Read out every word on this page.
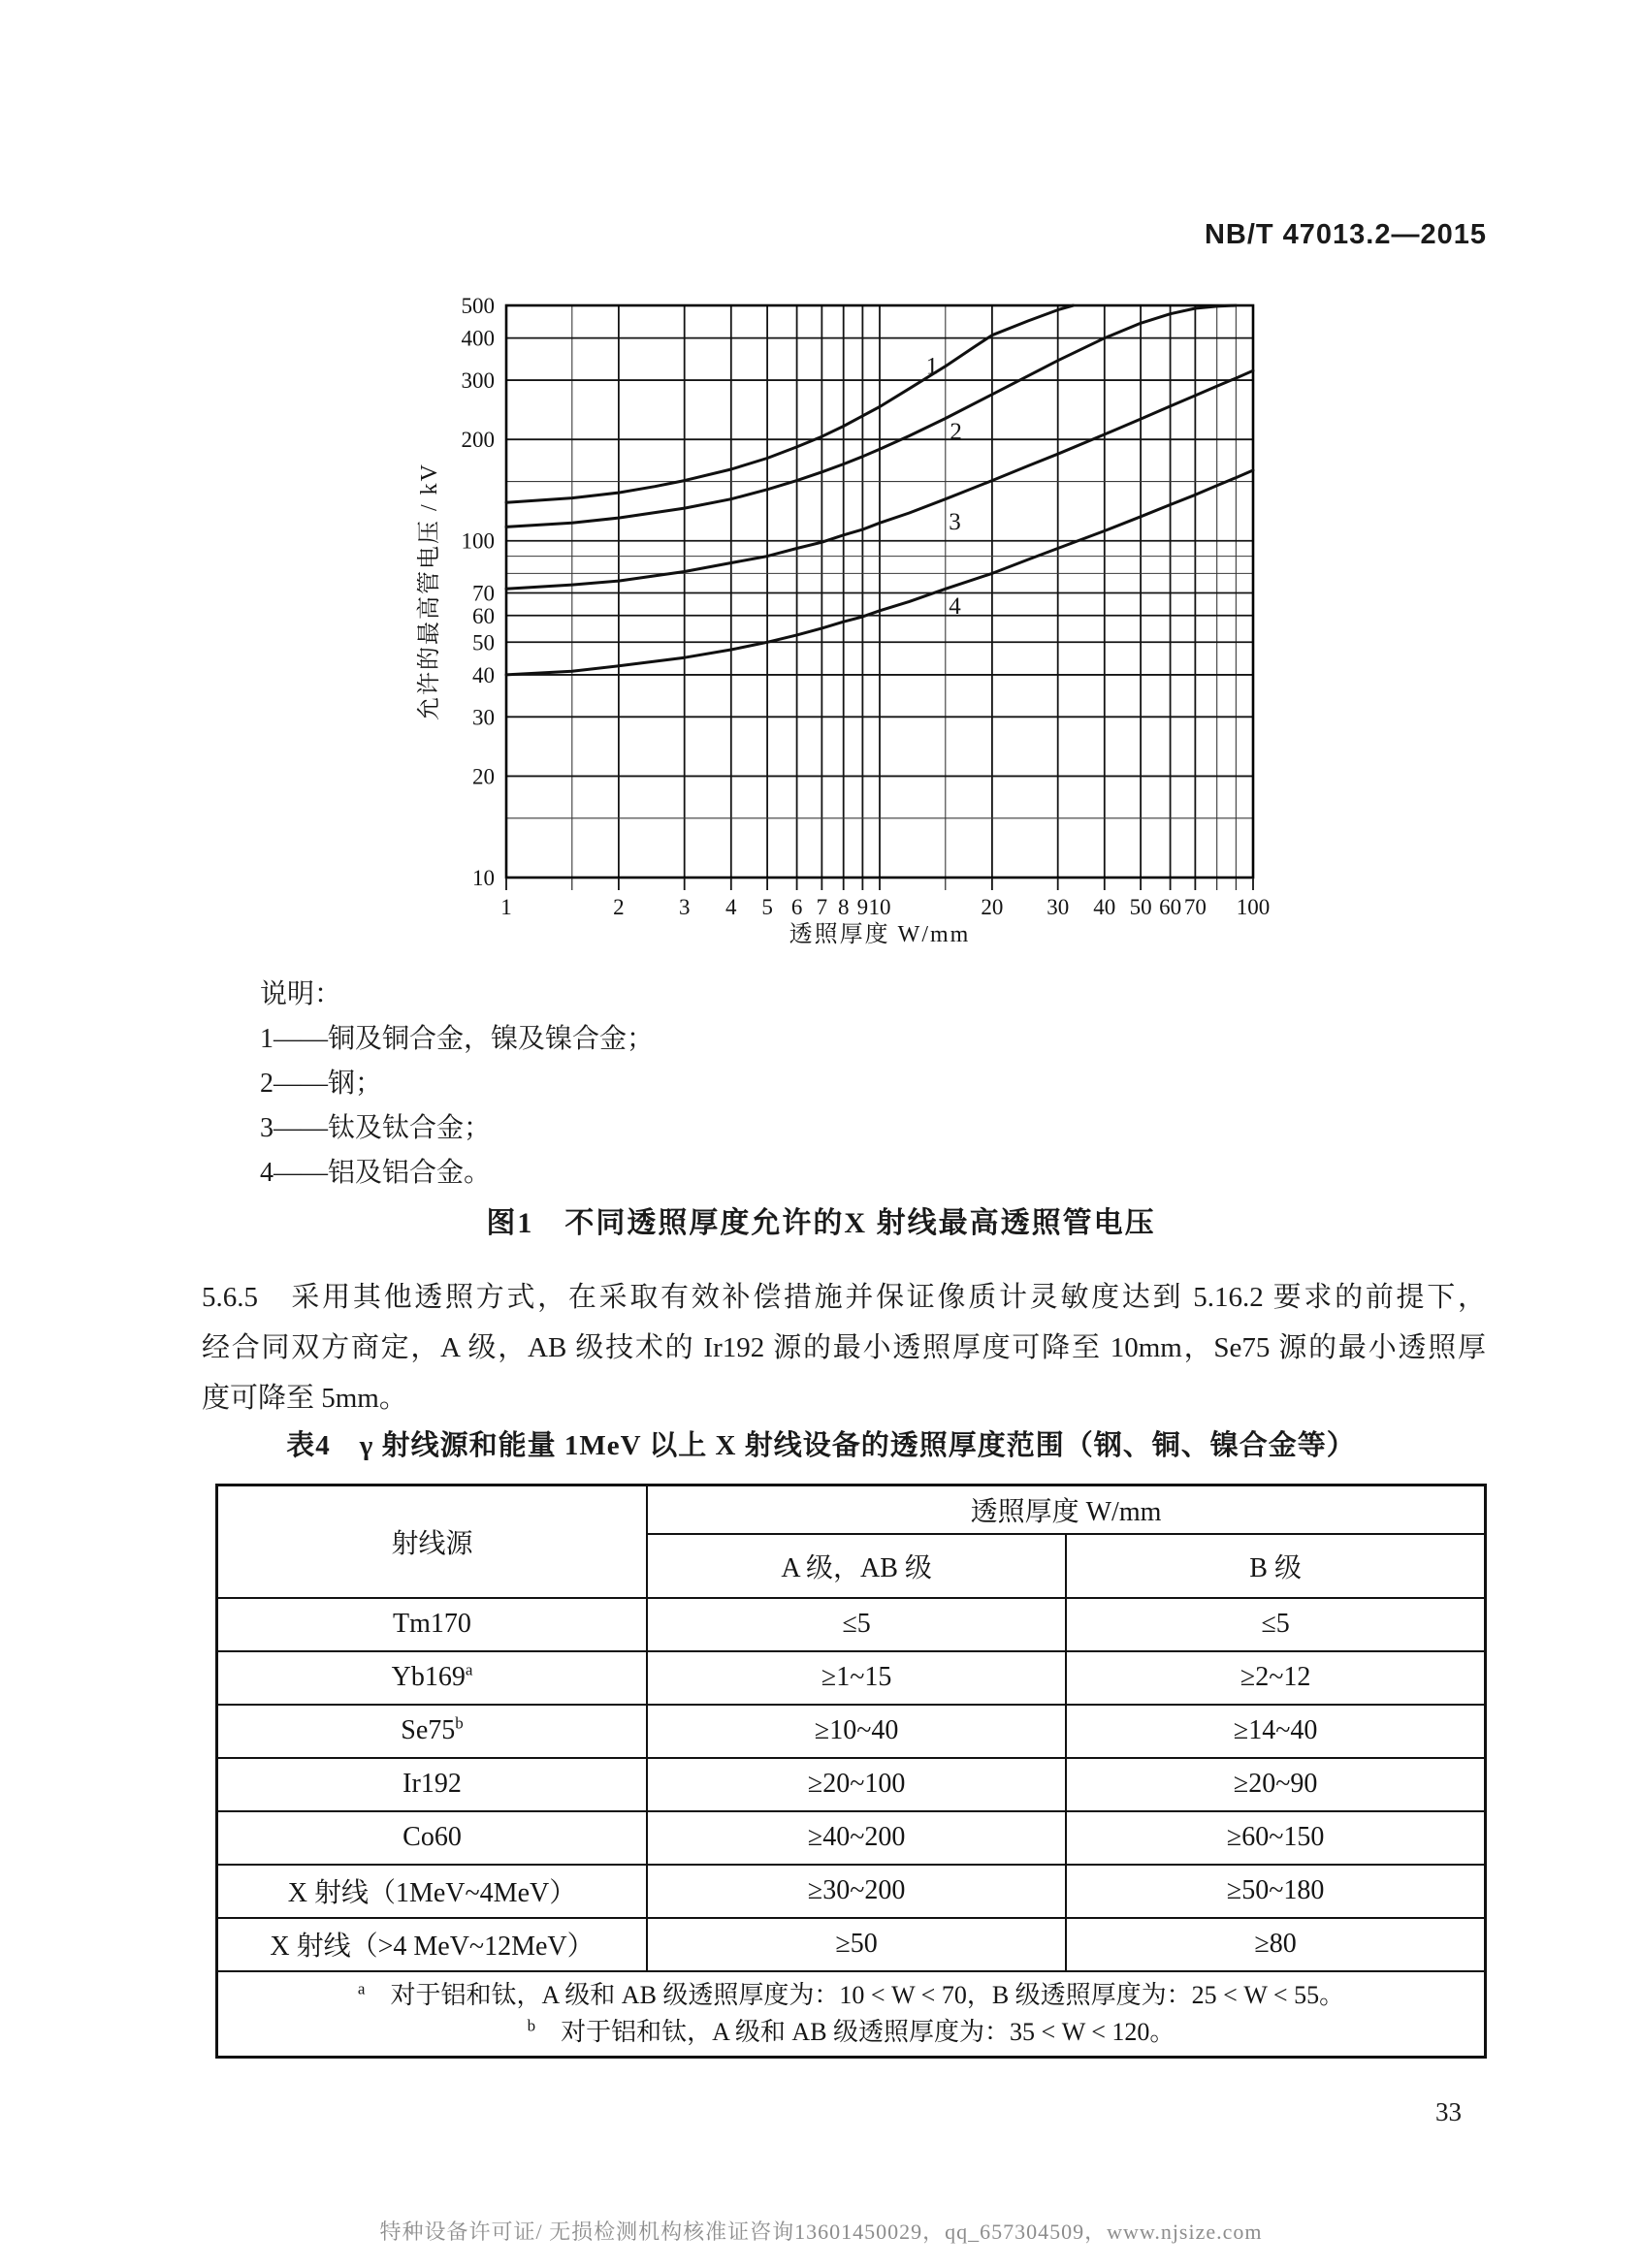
NB/T 47013.2—2015
1	2 3 4 5 6 7 8 9 10	20 30 40 50 60 70 100
10
20
30
40
50
60
70
100
200
300
400
500
允许的最高管电压 / kV
透照厚度 W/mm
1
2
3
4
说明：
1——铜及铜合金，镍及镍合金；
2——钢；
3——钛及钛合金；
4——铝及铝合金。
图1　不同透照厚度允许的X 射线最高透照管电压
5.6.5　采用其他透照方式，在采取有效补偿措施并保证像质计灵敏度达到 5.16.2 要求的前提下，
经合同双方商定，A 级，AB 级技术的 Ir192 源的最小透照厚度可降至 10mm，Se75 源的最小透照厚
度可降至 5mm。
表4　γ 射线源和能量 1MeV 以上 X 射线设备的透照厚度范围（钢、铜、镍合金等）
射线源	透照厚度 W/mm	
	A 级，AB 级	B 级
Tm170	≤5	≤5
$Yb169^a$	≥1~15	≥2~12
$Se75^b$	≥10~40	≥14~40
Ir192	≥20~100	≥20~90
Co60	≥40~200	≥60~150
X 射线（1MeV~4MeV）	≥30~200	≥50~180
X 射线（>4 MeV~12MeV）	≥50	≥80

$^a$　 对于铝和钛，A 级和 AB 级透照厚度为：10 < W < 70，B 级透照厚度为：25 < W < 55。
$^b$　 对于铝和钛，A 级和 AB 级透照厚度为：35 < W < 120。		
33
特种设备许可证/ 无损检测机构核准证咨询13601450029，qq_657304509，www.njsize.com
